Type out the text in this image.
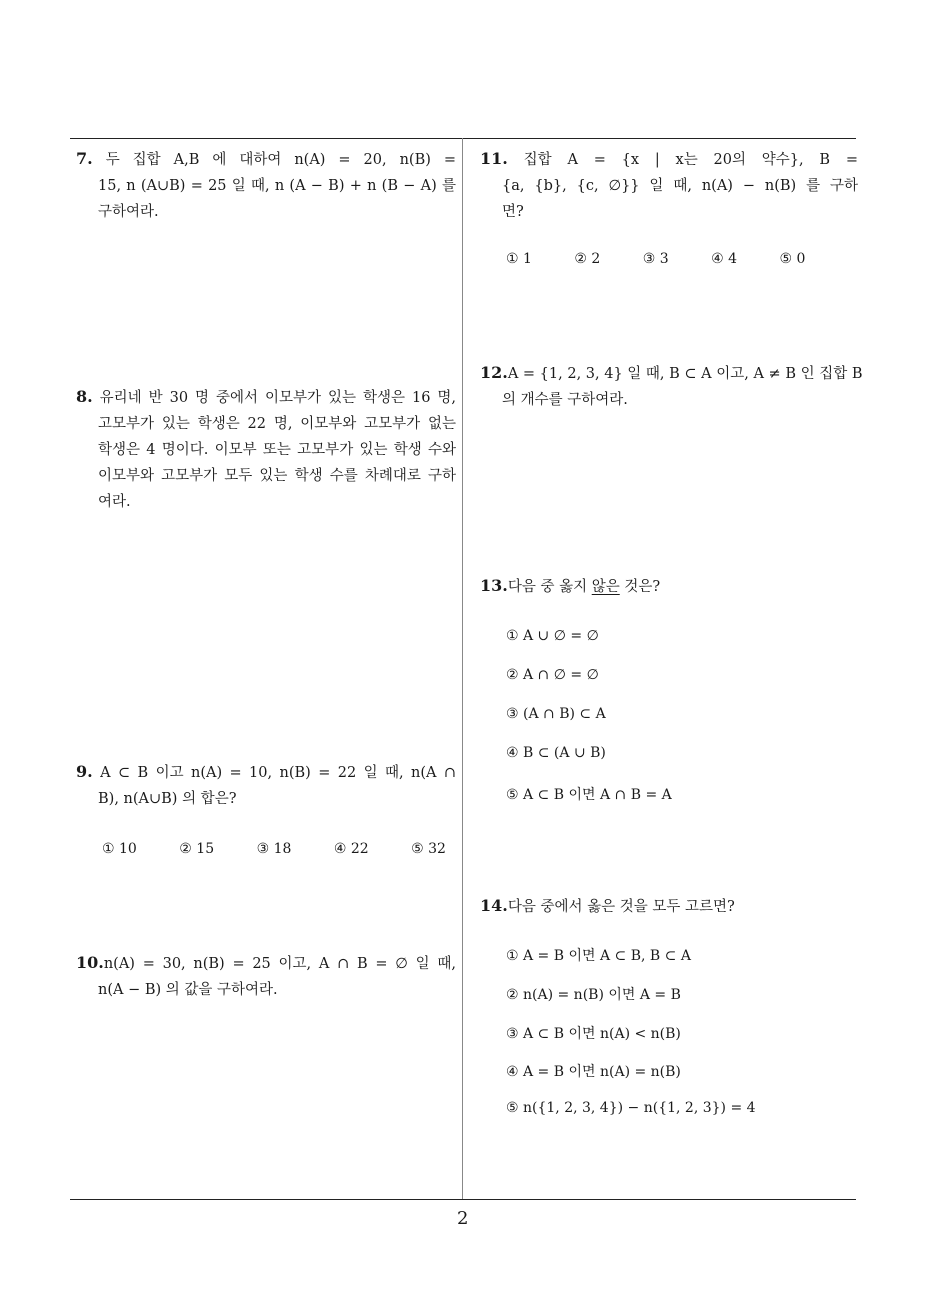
7. 두 집합 A,B 에 대하여 n(A) = 20, n(B) =
15, n (A∪B) = 25 일 때, n (A − B) + n (B − A) 를
구하여라.
8. 유리네 반 30 명 중에서 이모부가 있는 학생은 16 명,
고모부가 있는 학생은 22 명, 이모부와 고모부가 없는
학생은 4 명이다. 이모부 또는 고모부가 있는 학생 수와
이모부와 고모부가 모두 있는 학생 수를 차례대로 구하
여라.
9. A ⊂ B 이고 n(A) = 10, n(B) = 22 일 때, n(A ∩
B), n(A∪B) 의 합은?
① 10	② 15	③ 18	④ 22	⑤ 32
10.n(A) = 30, n(B) = 25 이고, A ∩ B = ∅ 일 때,
n(A − B) 의 값을 구하여라.
11. 집합 A = {x | x는 20의 약수}, B =
{a, {b}, {c, ∅}} 일 때, n(A) − n(B) 를 구하
면?
① 1	② 2	③ 3	④ 4	⑤ 0
12.A = {1, 2, 3, 4} 일 때, B ⊂ A 이고, A ≠ B 인 집합 B
의 개수를 구하여라.
13.다음 중 옳지 않은 것은?
① A ∪ ∅ = ∅
② A ∩ ∅ = ∅
③ (A ∩ B) ⊂ A
④ B ⊂ (A ∪ B)
⑤ A ⊂ B 이면 A ∩ B = A
14.다음 중에서 옳은 것을 모두 고르면?
① A = B 이면 A ⊂ B, B ⊂ A
② n(A) = n(B) 이면 A = B
③ A ⊂ B 이면 n(A) < n(B)
④ A = B 이면 n(A) = n(B)
⑤ n({1, 2, 3, 4}) − n({1, 2, 3}) = 4
2
